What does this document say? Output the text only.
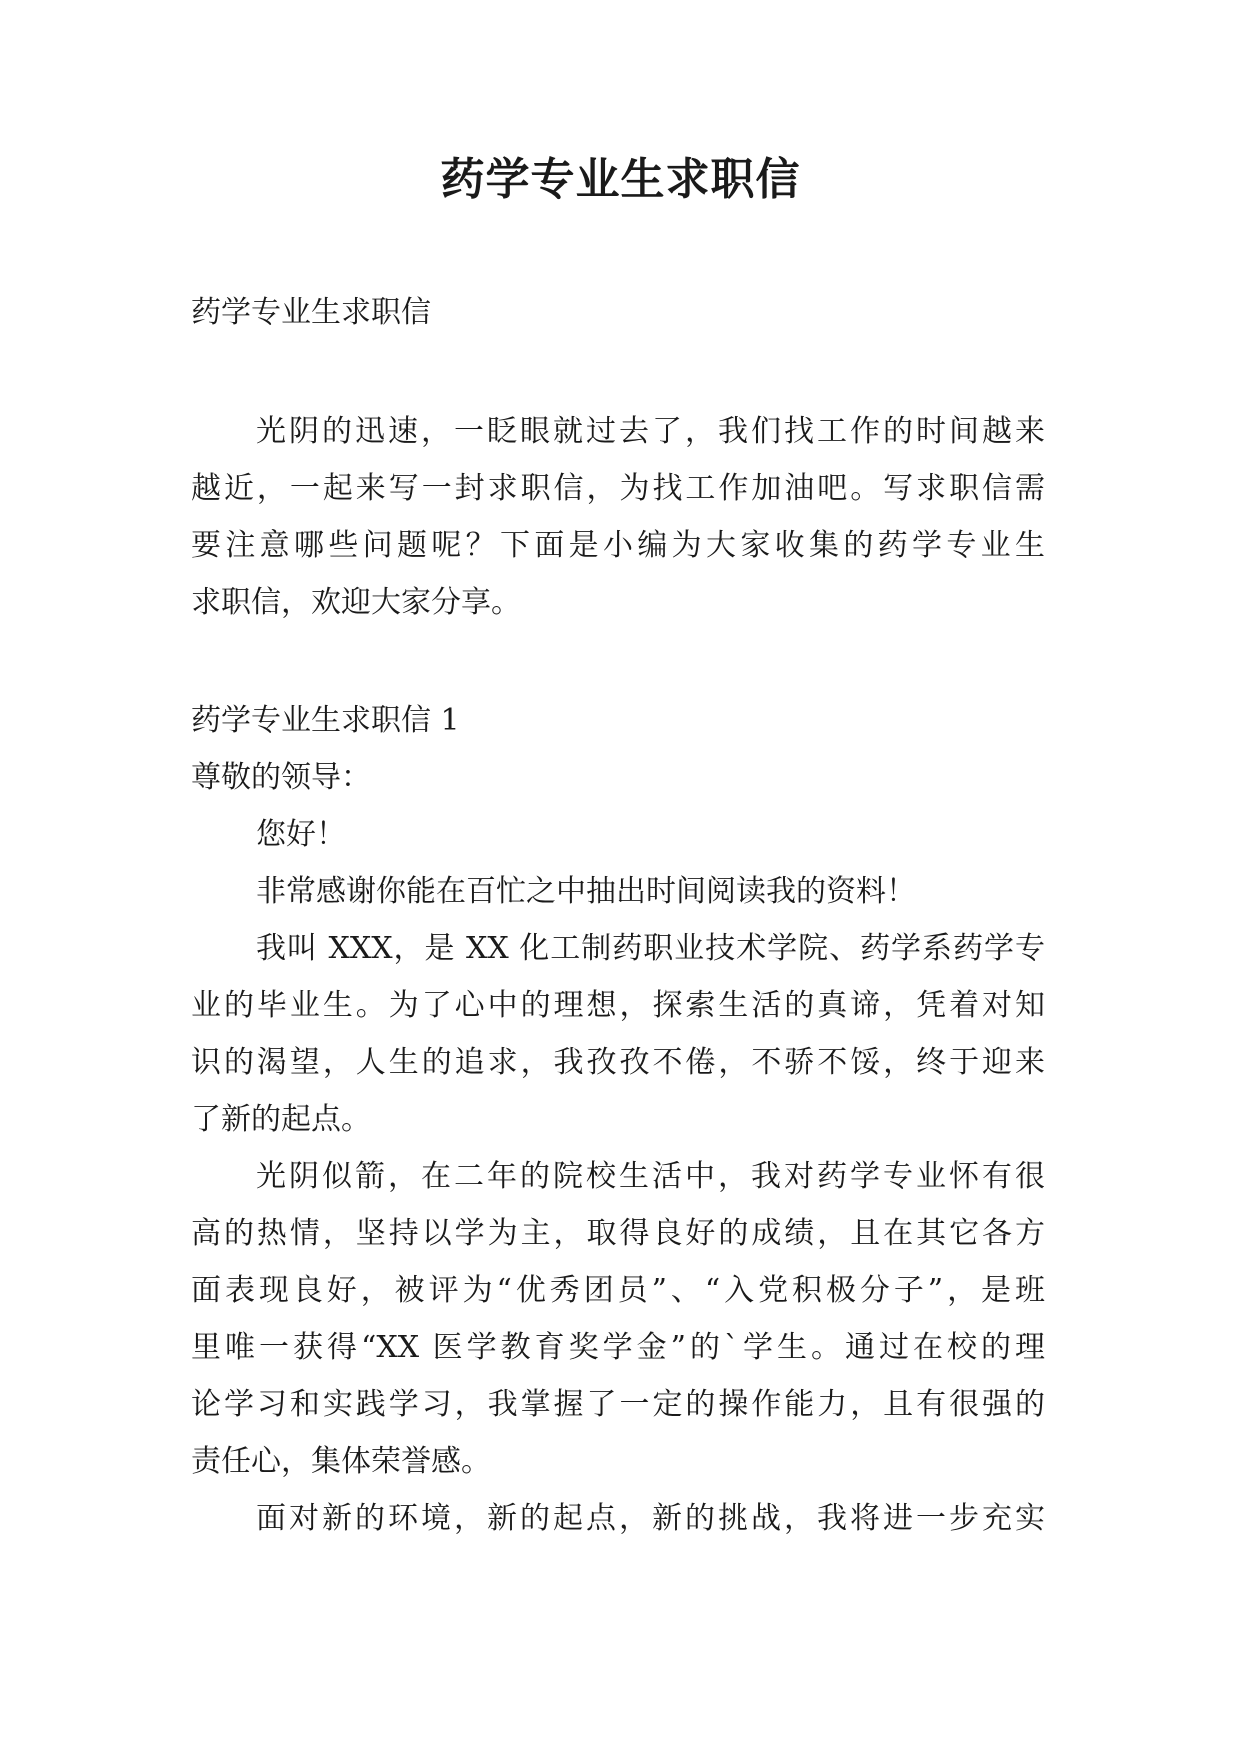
药学专业生求职信

药学专业生求职信

光阴的迅速，一眨眼就过去了，我们找工作的时间越来

越近，一起来写一封求职信，为找工作加油吧。写求职信需

要注意哪些问题呢？下面是小编为大家收集的药学专业生

求职信，欢迎大家分享。

药学专业生求职信 1

尊敬的领导：

您好！

非常感谢你能在百忙之中抽出时间阅读我的资料！

我叫 XXX，是 XX 化工制药职业技术学院、药学系药学专

业的毕业生。为了心中的理想，探索生活的真谛，凭着对知

识的渴望，人生的追求，我孜孜不倦，不骄不馁，终于迎来

了新的起点。

光阴似箭，在二年的院校生活中，我对药学专业怀有很

高的热情，坚持以学为主，取得良好的成绩，且在其它各方

面表现良好，被评为“优秀团员”、“入党积极分子”，是班

里唯一获得“XX 医学教育奖学金”的`学生。通过在校的理

论学习和实践学习，我掌握了一定的操作能力，且有很强的

责任心，集体荣誉感。

面对新的环境，新的起点，新的挑战，我将进一步充实
